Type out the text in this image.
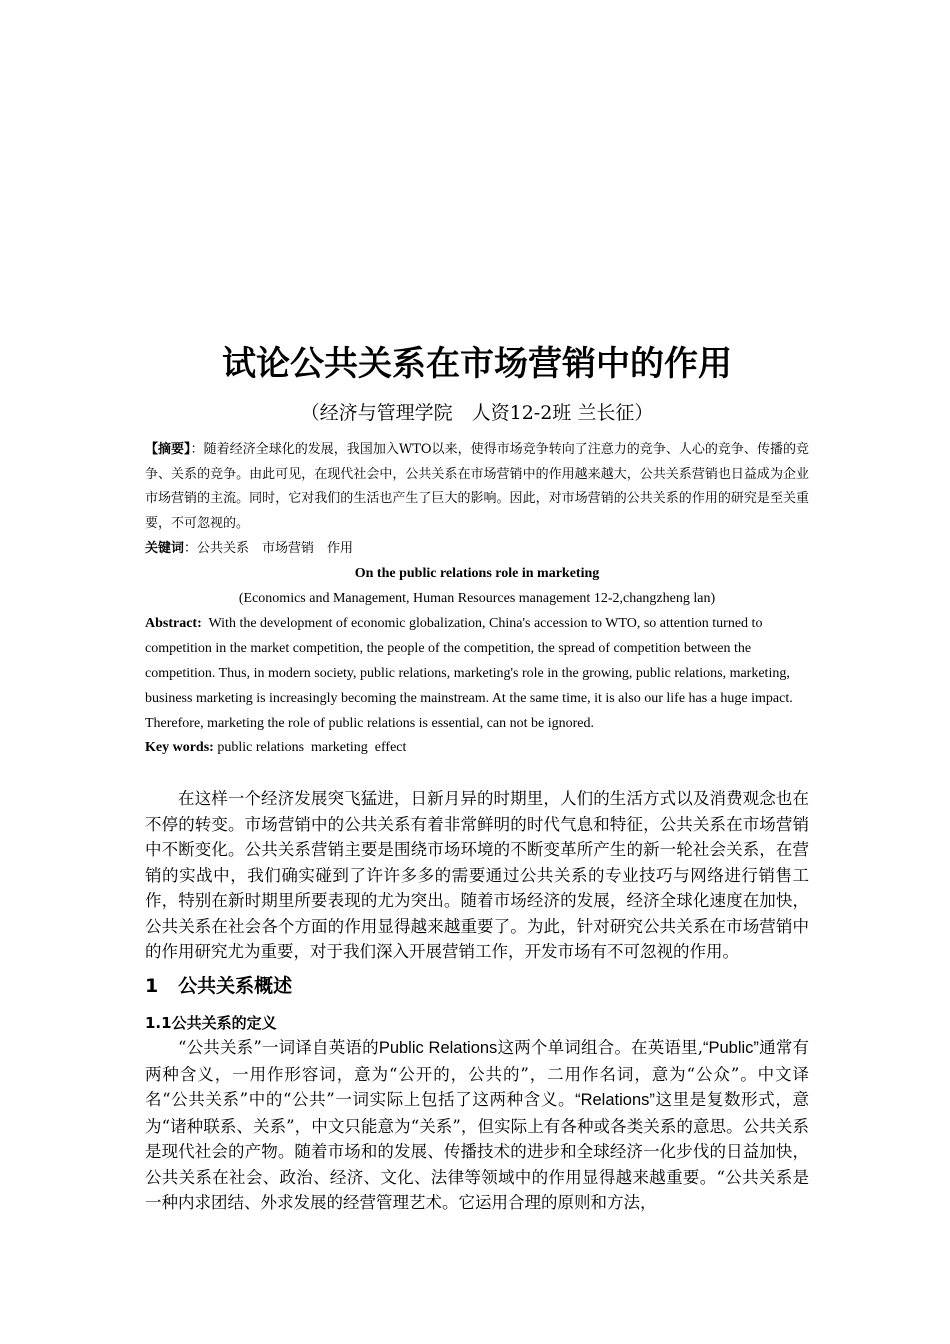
试论公共关系在市场营销中的作用
（经济与管理学院　人资12-2班 兰长征）
【摘要】：随着经济全球化的发展，我国加入WTO以来，使得市场竞争转向了注意力的竞争、人心的竞争、传播的竞争、关系的竞争。由此可见，在现代社会中，公共关系在市场营销中的作用越来越大，公共关系营销也日益成为企业市场营销的主流。同时，它对我们的生活也产生了巨大的影响。因此，对市场营销的公共关系的作用的研究是至关重要，不可忽视的。
关键词：公共关系　市场营销　作用
On the public relations role in marketing
(Economics and Management, Human Resources management 12-2,changzheng lan)
Abstract: With the development of economic globalization, China's accession to WTO, so attention turned to competition in the market competition, the people of the competition, the spread of competition between the competition. Thus, in modern society, public relations, marketing's role in the growing, public relations, marketing, business marketing is increasingly becoming the mainstream. At the same time, it is also our life has a huge impact. Therefore, marketing the role of public relations is essential, can not be ignored.
Key words: public relations  marketing  effect
在这样一个经济发展突飞猛进，日新月异的时期里，人们的生活方式以及消费观念也在不停的转变。市场营销中的公共关系有着非常鲜明的时代气息和特征，公共关系在市场营销中不断变化。公共关系营销主要是围绕市场环境的不断变革所产生的新一轮社会关系，在营销的实战中，我们确实碰到了许许多多的需要通过公共关系的专业技巧与网络进行销售工作，特别在新时期里所要表现的尤为突出。随着市场经济的发展，经济全球化速度在加快，公共关系在社会各个方面的作用显得越来越重要了。为此，针对研究公共关系在市场营销中的作用研究尤为重要，对于我们深入开展营销工作，开发市场有不可忽视的作用。
1 公共关系概述
1.1公共关系的定义
“公共关系”一词译自英语的Public Relations这两个单词组合。在英语里,“Public”通常有两种含义，一用作形容词，意为“公开的，公共的”，二用作名词，意为“公众”。中文译名“公共关系”中的“公共”一词实际上包括了这两种含义。“Relations”这里是复数形式，意为“诸种联系、关系”，中文只能意为“关系”，但实际上有各种或各类关系的意思。公共关系是现代社会的产物。随着市场和的发展、传播技术的进步和全球经济一化步伐的日益加快，公共关系在社会、政治、经济、文化、法律等领域中的作用显得越来越重要。“公共关系是一种内求团结、外求发展的经营管理艺术。它运用合理的原则和方法，
